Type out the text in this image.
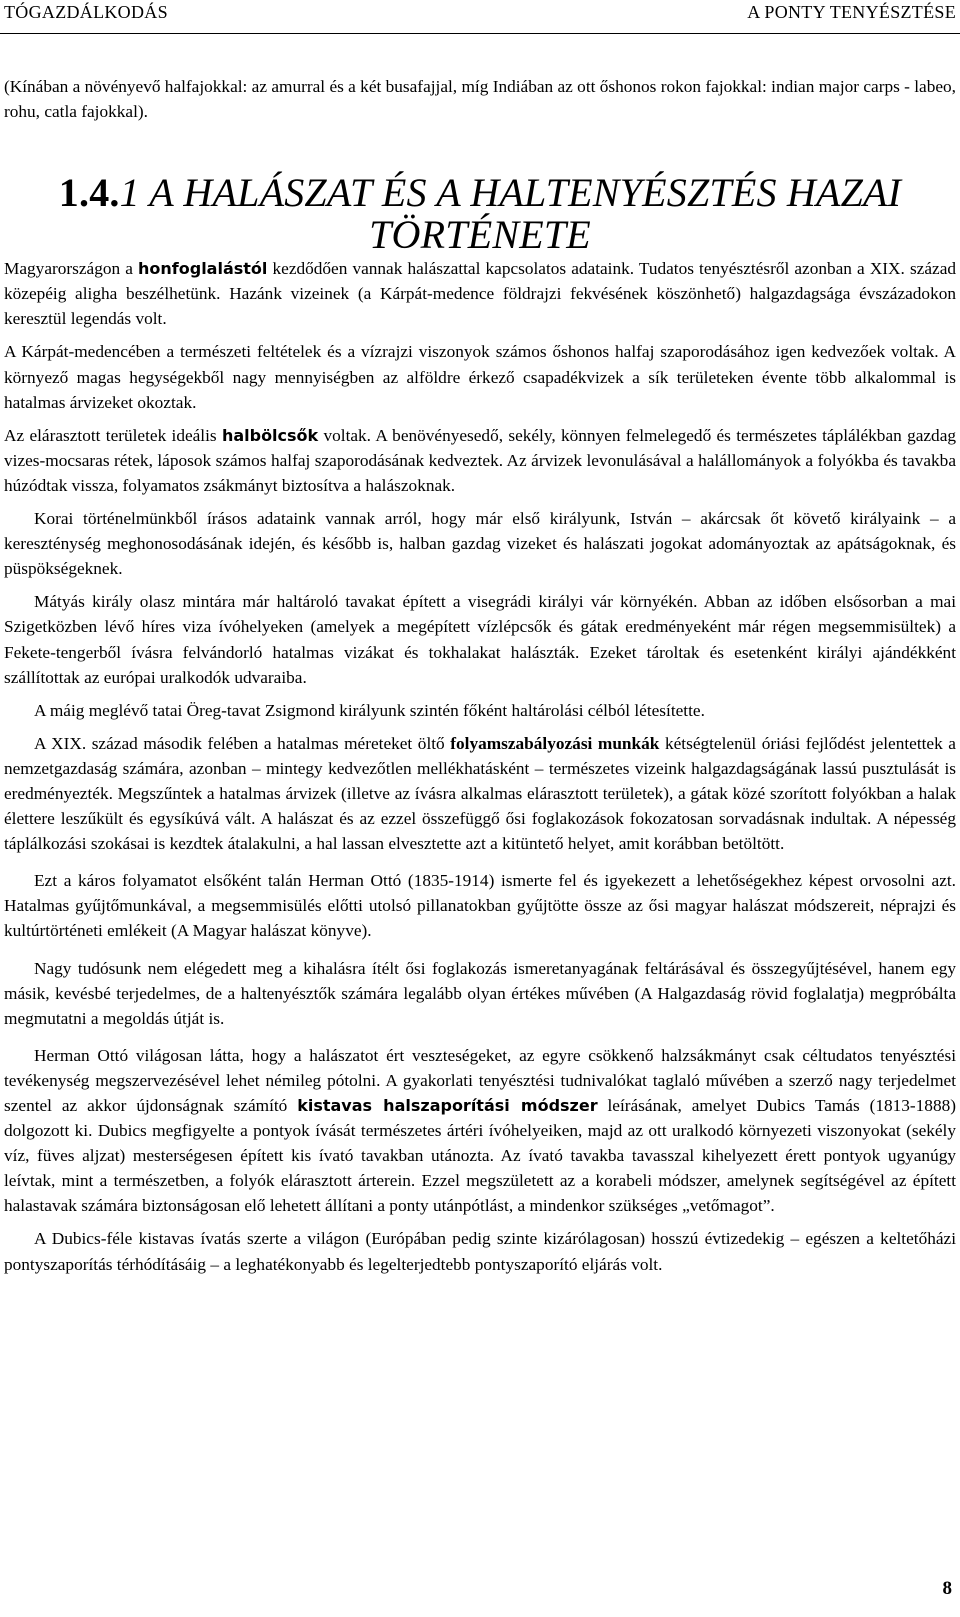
TÓGAZDÁLKODÁS	A PONTY TENYÉSZTÉSE

(Kínában a növényevő halfajokkal: az amurral és a két busafajjal, míg Indiában az ott őshonos rokon fajokkal: indian major carps - labeo, rohu, catla fajokkal).

1.4.1 A HALÁSZAT ÉS A HALTENYÉSZTÉS HAZAI TÖRTÉNETE

Magyarországon a honfoglalástól kezdődően vannak halászattal kapcsolatos adataink. Tudatos tenyésztésről azonban a XIX. század közepéig aligha beszélhetünk. Hazánk vizeinek (a Kárpát-medence földrajzi fekvésének köszönhető) halgazdagsága évszázadokon keresztül legendás volt.

A Kárpát-medencében a természeti feltételek és a vízrajzi viszonyok számos őshonos halfaj szaporodásához igen kedvezőek voltak. A környező magas hegységekből nagy mennyiségben az alföldre érkező csapadékvizek a sík területeken évente több alkalommal is hatalmas árvizeket okoztak.

Az elárasztott területek ideális halbölcsők voltak. A benövényesedő, sekély, könnyen felmelegedő és természetes táplálékban gazdag vizes-mocsaras rétek, láposok számos halfaj szaporodásának kedveztek. Az árvizek levonulásával a halállományok a folyókba és tavakba húzódtak vissza, folyamatos zsákmányt biztosítva a halászoknak.

Korai történelmünkből írásos adataink vannak arról, hogy már első királyunk, István – akárcsak őt követő királyaink – a kereszténység meghonosodásának idején, és később is, halban gazdag vizeket és halászati jogokat adományoztak az apátságoknak, és püspökségeknek.

Mátyás király olasz mintára már haltároló tavakat épített a visegrádi királyi vár környékén. Abban az időben elsősorban a mai Szigetközben lévő híres viza ívóhelyeken (amelyek a megépített vízlépcsők és gátak eredményeként már régen megsemmisültek) a Fekete-tengerből ívásra felvándorló hatalmas vizákat és tokhalakat halászták. Ezeket tároltak és esetenként királyi ajándékként szállítottak az európai uralkodók udvaraiba.

A máig meglévő tatai Öreg-tavat Zsigmond királyunk szintén főként haltárolási célból létesítette.

A XIX. század második felében a hatalmas méreteket öltő folyamszabályozási munkák kétségtelenül óriási fejlődést jelentettek a nemzetgazdaság számára, azonban – mintegy kedvezőtlen mellékhatásként – természetes vizeink halgazdagságának lassú pusztulását is eredményezték. Megszűntek a hatalmas árvizek (illetve az ívásra alkalmas elárasztott területek), a gátak közé szorított folyókban a halak élettere leszűkült és egysíkúvá vált. A halászat és az ezzel összefüggő ősi foglakozások fokozatosan sorvadásnak indultak. A népesség táplálkozási szokásai is kezdtek átalakulni, a hal lassan elvesztette azt a kitüntető helyet, amit korábban betöltött.

Ezt a káros folyamatot elsőként talán Herman Ottó (1835-1914) ismerte fel és igyekezett a lehetőségekhez képest orvosolni azt. Hatalmas gyűjtőmunkával, a megsemmisülés előtti utolsó pillanatokban gyűjtötte össze az ősi magyar halászat módszereit, néprajzi és kultúrtörténeti emlékeit (A Magyar halászat könyve).

Nagy tudósunk nem elégedett meg a kihalásra ítélt ősi foglakozás ismeretanyagának feltárásával és összegyűjtésével, hanem egy másik, kevésbé terjedelmes, de a haltenyésztők számára legalább olyan értékes művében (A Halgazdaság rövid foglalatja) megpróbálta megmutatni a megoldás útját is.

Herman Ottó világosan látta, hogy a halászatot ért veszteségeket, az egyre csökkenő halzsákmányt csak céltudatos tenyésztési tevékenység megszervezésével lehet némileg pótolni. A gyakorlati tenyésztési tudnivalókat taglaló művében a szerző nagy terjedelmet szentel az akkor újdonságnak számító kistavas halszaporítási módszer leírásának, amelyet Dubics Tamás (1813-1888) dolgozott ki. Dubics megfigyelte a pontyok ívását természetes ártéri ívóhelyeiken, majd az ott uralkodó környezeti viszonyokat (sekély víz, füves aljzat) mesterségesen épített kis ívató tavakban utánozta. Az ívató tavakba tavasszal kihelyezett érett pontyok ugyanúgy leívtak, mint a természetben, a folyók elárasztott árterein. Ezzel megszületett az a korabeli módszer, amelynek segítségével az épített halastavak számára biztonságosan elő lehetett állítani a ponty utánpótlást, a mindenkor szükséges „vetőmagot”.

A Dubics-féle kistavas ívatás szerte a világon (Európában pedig szinte kizárólagosan) hosszú évtizedekig – egészen a keltetőházi pontyszaporítás térhódításáig – a leghatékonyabb és legelterjedtebb pontyszaporító eljárás volt.

8
